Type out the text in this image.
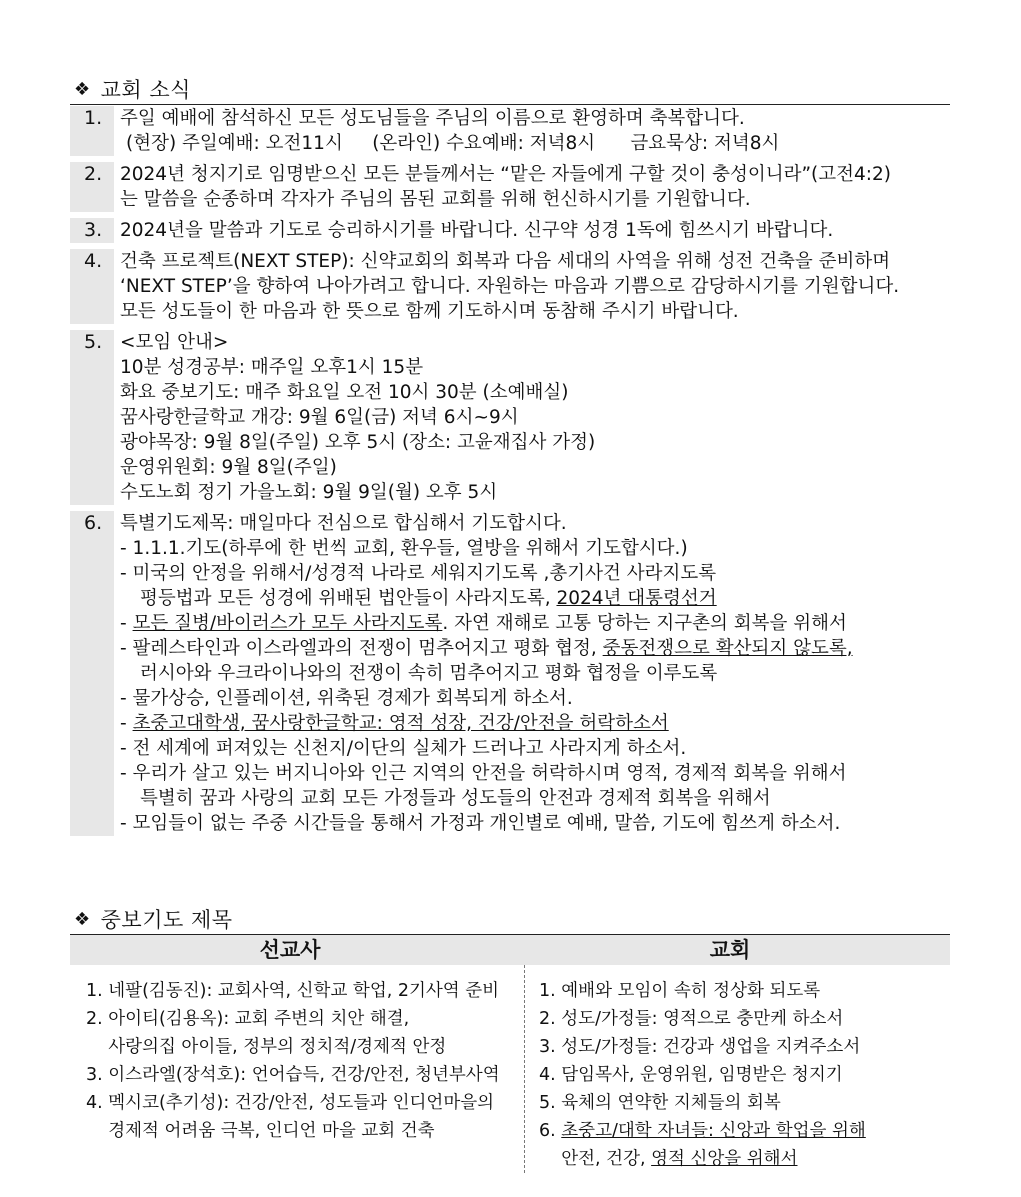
❖ 교회 소식
1. 주일 예배에 참석하신 모든 성도님들을 주님의 이름으로 환영하며 축복합니다.
(현장) 주일예배: 오전11시     (온라인) 수요예배: 저녁8시      금요묵상: 저녁8시
2. 2024년 청지기로 임명받으신 모든 분들께서는 “맡은 자들에게 구할 것이 충성이니라”(고전4:2)
는 말씀을 순종하며 각자가 주님의 몸된 교회를 위해 헌신하시기를 기원합니다.
3. 2024년을 말씀과 기도로 승리하시기를 바랍니다. 신구약 성경 1독에 힘쓰시기 바랍니다.
4. 건축 프로젝트(NEXT STEP): 신약교회의 회복과 다음 세대의 사역을 위해 성전 건축을 준비하며
‘NEXT STEP’을 향하여 나아가려고 합니다. 자원하는 마음과 기쁨으로 감당하시기를 기원합니다.
모든 성도들이 한 마음과 한 뜻으로 함께 기도하시며 동참해 주시기 바랍니다.
5. <모임 안내>
10분 성경공부: 매주일 오후1시 15분
화요 중보기도: 매주 화요일 오전 10시 30분 (소예배실)
꿈사랑한글학교 개강: 9월 6일(금) 저녁 6시~9시
광야목장: 9월 8일(주일) 오후 5시 (장소: 고윤재집사 가정)
운영위원회: 9월 8일(주일)
수도노회 정기 가을노회: 9월 9일(월) 오후 5시
6. 특별기도제목: 매일마다 전심으로 합심해서 기도합시다.
- 1.1.1.기도(하루에 한 번씩 교회, 환우들, 열방을 위해서 기도합시다.)
- 미국의 안정을 위해서/성경적 나라로 세워지기도록 ,총기사건 사라지도록
평등법과 모든 성경에 위배된 법안들이 사라지도록, 2024년 대통령선거
- 모든 질병/바이러스가 모두 사라지도록. 자연 재해로 고통 당하는 지구촌의 회복을 위해서
- 팔레스타인과 이스라엘과의 전쟁이 멈추어지고 평화 협정, 중동전쟁으로 확산되지 않도록,
러시아와 우크라이나와의 전쟁이 속히 멈추어지고 평화 협정을 이루도록
- 물가상승, 인플레이션, 위축된 경제가 회복되게 하소서.
- 초중고대학생, 꿈사랑한글학교: 영적 성장, 건강/안전을 허락하소서
- 전 세계에 퍼져있는 신천지/이단의 실체가 드러나고 사라지게 하소서.
- 우리가 살고 있는 버지니아와 인근 지역의 안전을 허락하시며 영적, 경제적 회복을 위해서
특별히 꿈과 사랑의 교회 모든 가정들과 성도들의 안전과 경제적 회복을 위해서
- 모임들이 없는 주중 시간들을 통해서 가정과 개인별로 예배, 말씀, 기도에 힘쓰게 하소서.
❖ 중보기도 제목
선교사	교회
1. 네팔(김동진): 교회사역, 신학교 학업, 2기사역 준비
2. 아이티(김용옥): 교회 주변의 치안 해결,
사랑의집 아이들, 정부의 정치적/경제적 안정
3. 이스라엘(장석호): 언어습득, 건강/안전, 청년부사역
4. 멕시코(추기성): 건강/안전, 성도들과 인디언마을의
경제적 어려움 극복, 인디언 마을 교회 건축
1. 예배와 모임이 속히 정상화 되도록
2. 성도/가정들: 영적으로 충만케 하소서
3. 성도/가정들: 건강과 생업을 지켜주소서
4. 담임목사, 운영위원, 임명받은 청지기
5. 육체의 연약한 지체들의 회복
6. 초중고/대학 자녀들: 신앙과 학업을 위해
안전, 건강, 영적 신앙을 위해서
